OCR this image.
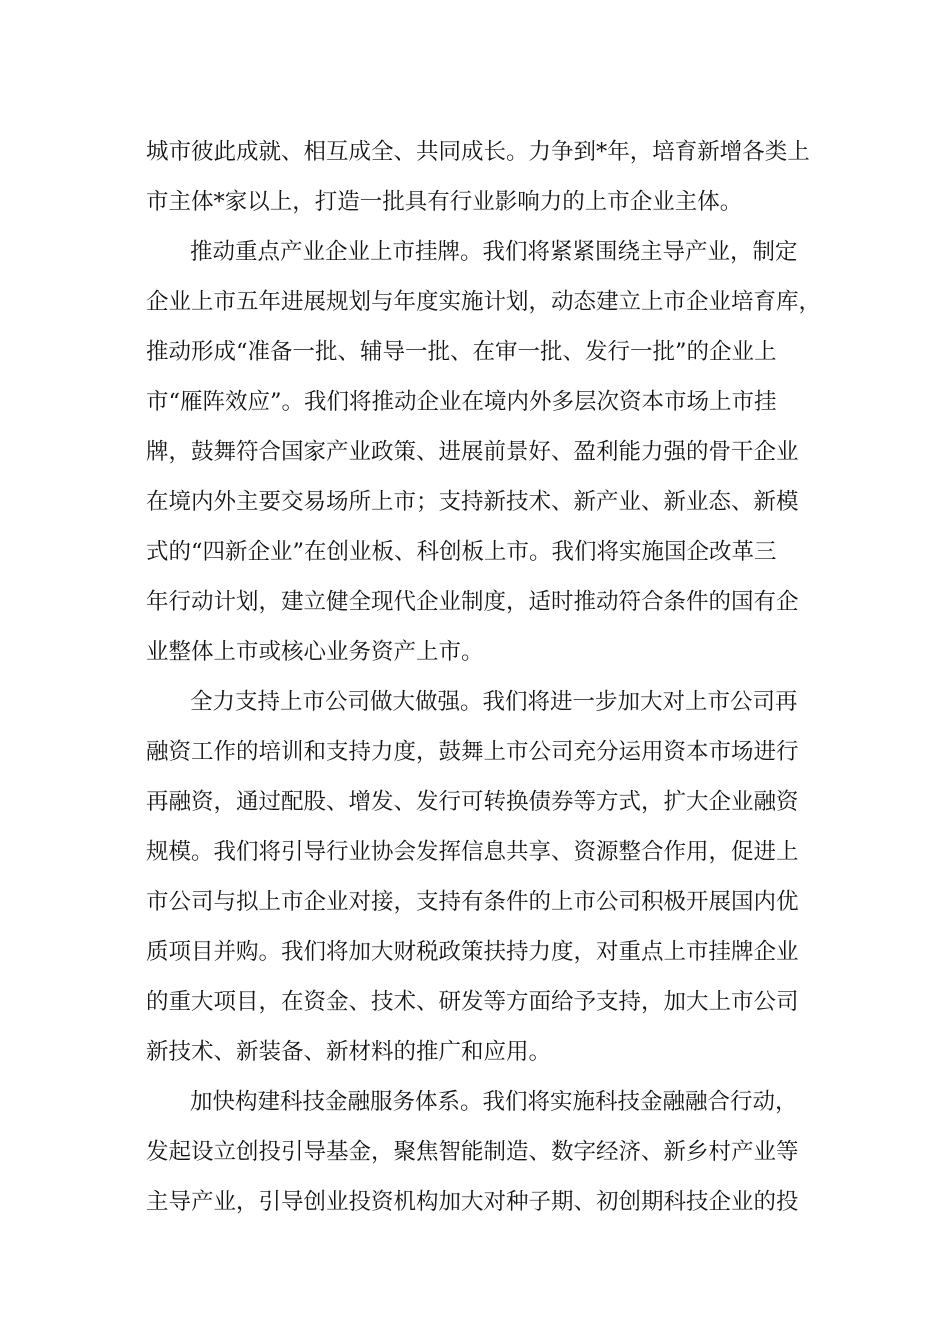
城市彼此成就、相互成全、共同成长。力争到*年，培育新增各类上
市主体*家以上，打造一批具有行业影响力的上市企业主体。
推动重点产业企业上市挂牌。我们将紧紧围绕主导产业，制定
企业上市五年进展规划与年度实施计划，动态建立上市企业培育库，
推动形成“准备一批、辅导一批、在审一批、发行一批”的企业上
市“雁阵效应”。我们将推动企业在境内外多层次资本市场上市挂
牌，鼓舞符合国家产业政策、进展前景好、盈利能力强的骨干企业
在境内外主要交易场所上市；支持新技术、新产业、新业态、新模
式的“四新企业”在创业板、科创板上市。我们将实施国企改革三
年行动计划，建立健全现代企业制度，适时推动符合条件的国有企
业整体上市或核心业务资产上市。
全力支持上市公司做大做强。我们将进一步加大对上市公司再
融资工作的培训和支持力度，鼓舞上市公司充分运用资本市场进行
再融资，通过配股、增发、发行可转换债券等方式，扩大企业融资
规模。我们将引导行业协会发挥信息共享、资源整合作用，促进上
市公司与拟上市企业对接，支持有条件的上市公司积极开展国内优
质项目并购。我们将加大财税政策扶持力度，对重点上市挂牌企业
的重大项目，在资金、技术、研发等方面给予支持，加大上市公司
新技术、新装备、新材料的推广和应用。
加快构建科技金融服务体系。我们将实施科技金融融合行动，
发起设立创投引导基金，聚焦智能制造、数字经济、新乡村产业等
主导产业，引导创业投资机构加大对种子期、初创期科技企业的投
